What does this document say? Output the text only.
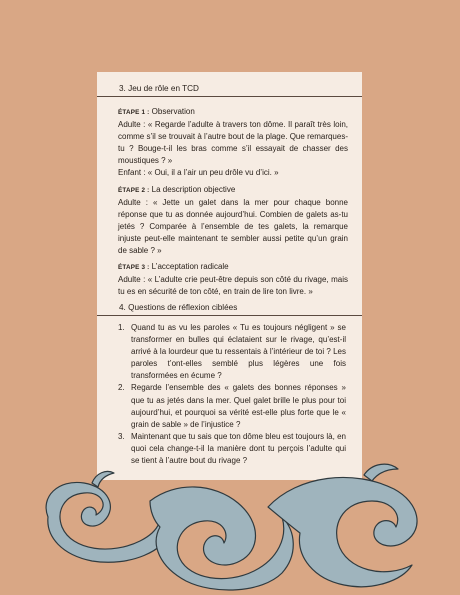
3. Jeu de rôle en TCD
ÉTAPE 1 : Observation
Adulte : « Regarde l’adulte à travers ton dôme. Il paraît très loin, comme s’il se trouvait à l’autre bout de la plage. Que remarques-tu ? Bouge-t-il les bras comme s’il essayait de chasser des moustiques ? »
Enfant : « Oui, il a l’air un peu drôle vu d’ici. »
ÉTAPE 2 : La description objective
Adulte : « Jette un galet dans la mer pour chaque bonne réponse que tu as donnée aujourd’hui. Combien de galets as-tu jetés ? Comparée à l’ensemble de tes galets, la remarque injuste peut-elle maintenant te sembler aussi petite qu’un grain de sable ? »
ÉTAPE 3 : L’acceptation radicale
Adulte : « L’adulte crie peut-être depuis son côté du rivage, mais tu es en sécurité de ton côté, en train de lire ton livre. »
4. Questions de réflexion ciblées
1. Quand tu as vu les paroles « Tu es toujours négligent » se transformer en bulles qui éclataient sur le rivage, qu’est-il arrivé à la lourdeur que tu ressentais à l’intérieur de toi ? Les paroles t’ont-elles semblé plus légères une fois transformées en écume ?
2. Regarde l’ensemble des « galets des bonnes réponses » que tu as jetés dans la mer. Quel galet brille le plus pour toi aujourd’hui, et pourquoi sa vérité est-elle plus forte que le « grain de sable » de l’injustice ?
3. Maintenant que tu sais que ton dôme bleu est toujours là, en quoi cela change-t-il la manière dont tu perçois l’adulte qui se tient à l’autre bout du rivage ?
